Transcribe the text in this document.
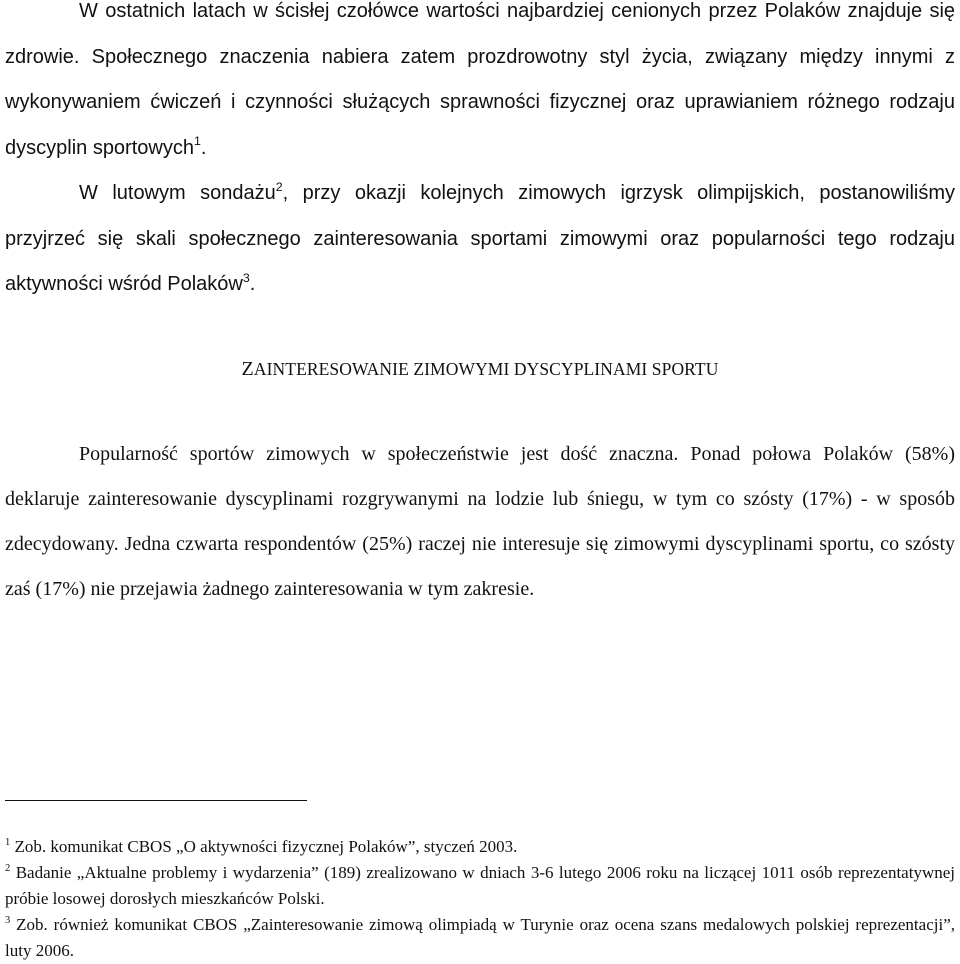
W ostatnich latach w ścisłej czołówce wartości najbardziej cenionych przez Polaków znajduje się zdrowie. Społecznego znaczenia nabiera zatem prozdrowotny styl życia, związany między innymi z wykonywaniem ćwiczeń i czynności służących sprawności fizycznej oraz uprawianiem różnego rodzaju dyscyplin sportowych$^1$.

W lutowym sondażu$^2$, przy okazji kolejnych zimowych igrzysk olimpijskich, postanowiliśmy przyjrzeć się skali społecznego zainteresowania sportami zimowymi oraz popularności tego rodzaju aktywności wśród Polaków$^3$.

ZAINTERESOWANIE ZIMOWYMI DYSCYPLINAMI SPORTU

Popularność sportów zimowych w społeczeństwie jest dość znaczna. Ponad połowa Polaków (58%) deklaruje zainteresowanie dyscyplinami rozgrywanymi na lodzie lub śniegu, w tym co szósty (17%) - w sposób zdecydowany. Jedna czwarta respondentów (25%) raczej nie interesuje się zimowymi dyscyplinami sportu, co szósty zaś (17%) nie przejawia żadnego zainteresowania w tym zakresie.

$^1$ Zob. komunikat CBOS „O aktywności fizycznej Polaków”, styczeń 2003.

$^2$ Badanie „Aktualne problemy i wydarzenia” (189) zrealizowano w dniach 3-6 lutego 2006 roku na liczącej 1011 osób reprezentatywnej próbie losowej dorosłych mieszkańców Polski.

$^3$ Zob. również komunikat CBOS „Zainteresowanie zimową olimpiadą w Turynie oraz ocena szans medalowych polskiej reprezentacji”, luty 2006.
